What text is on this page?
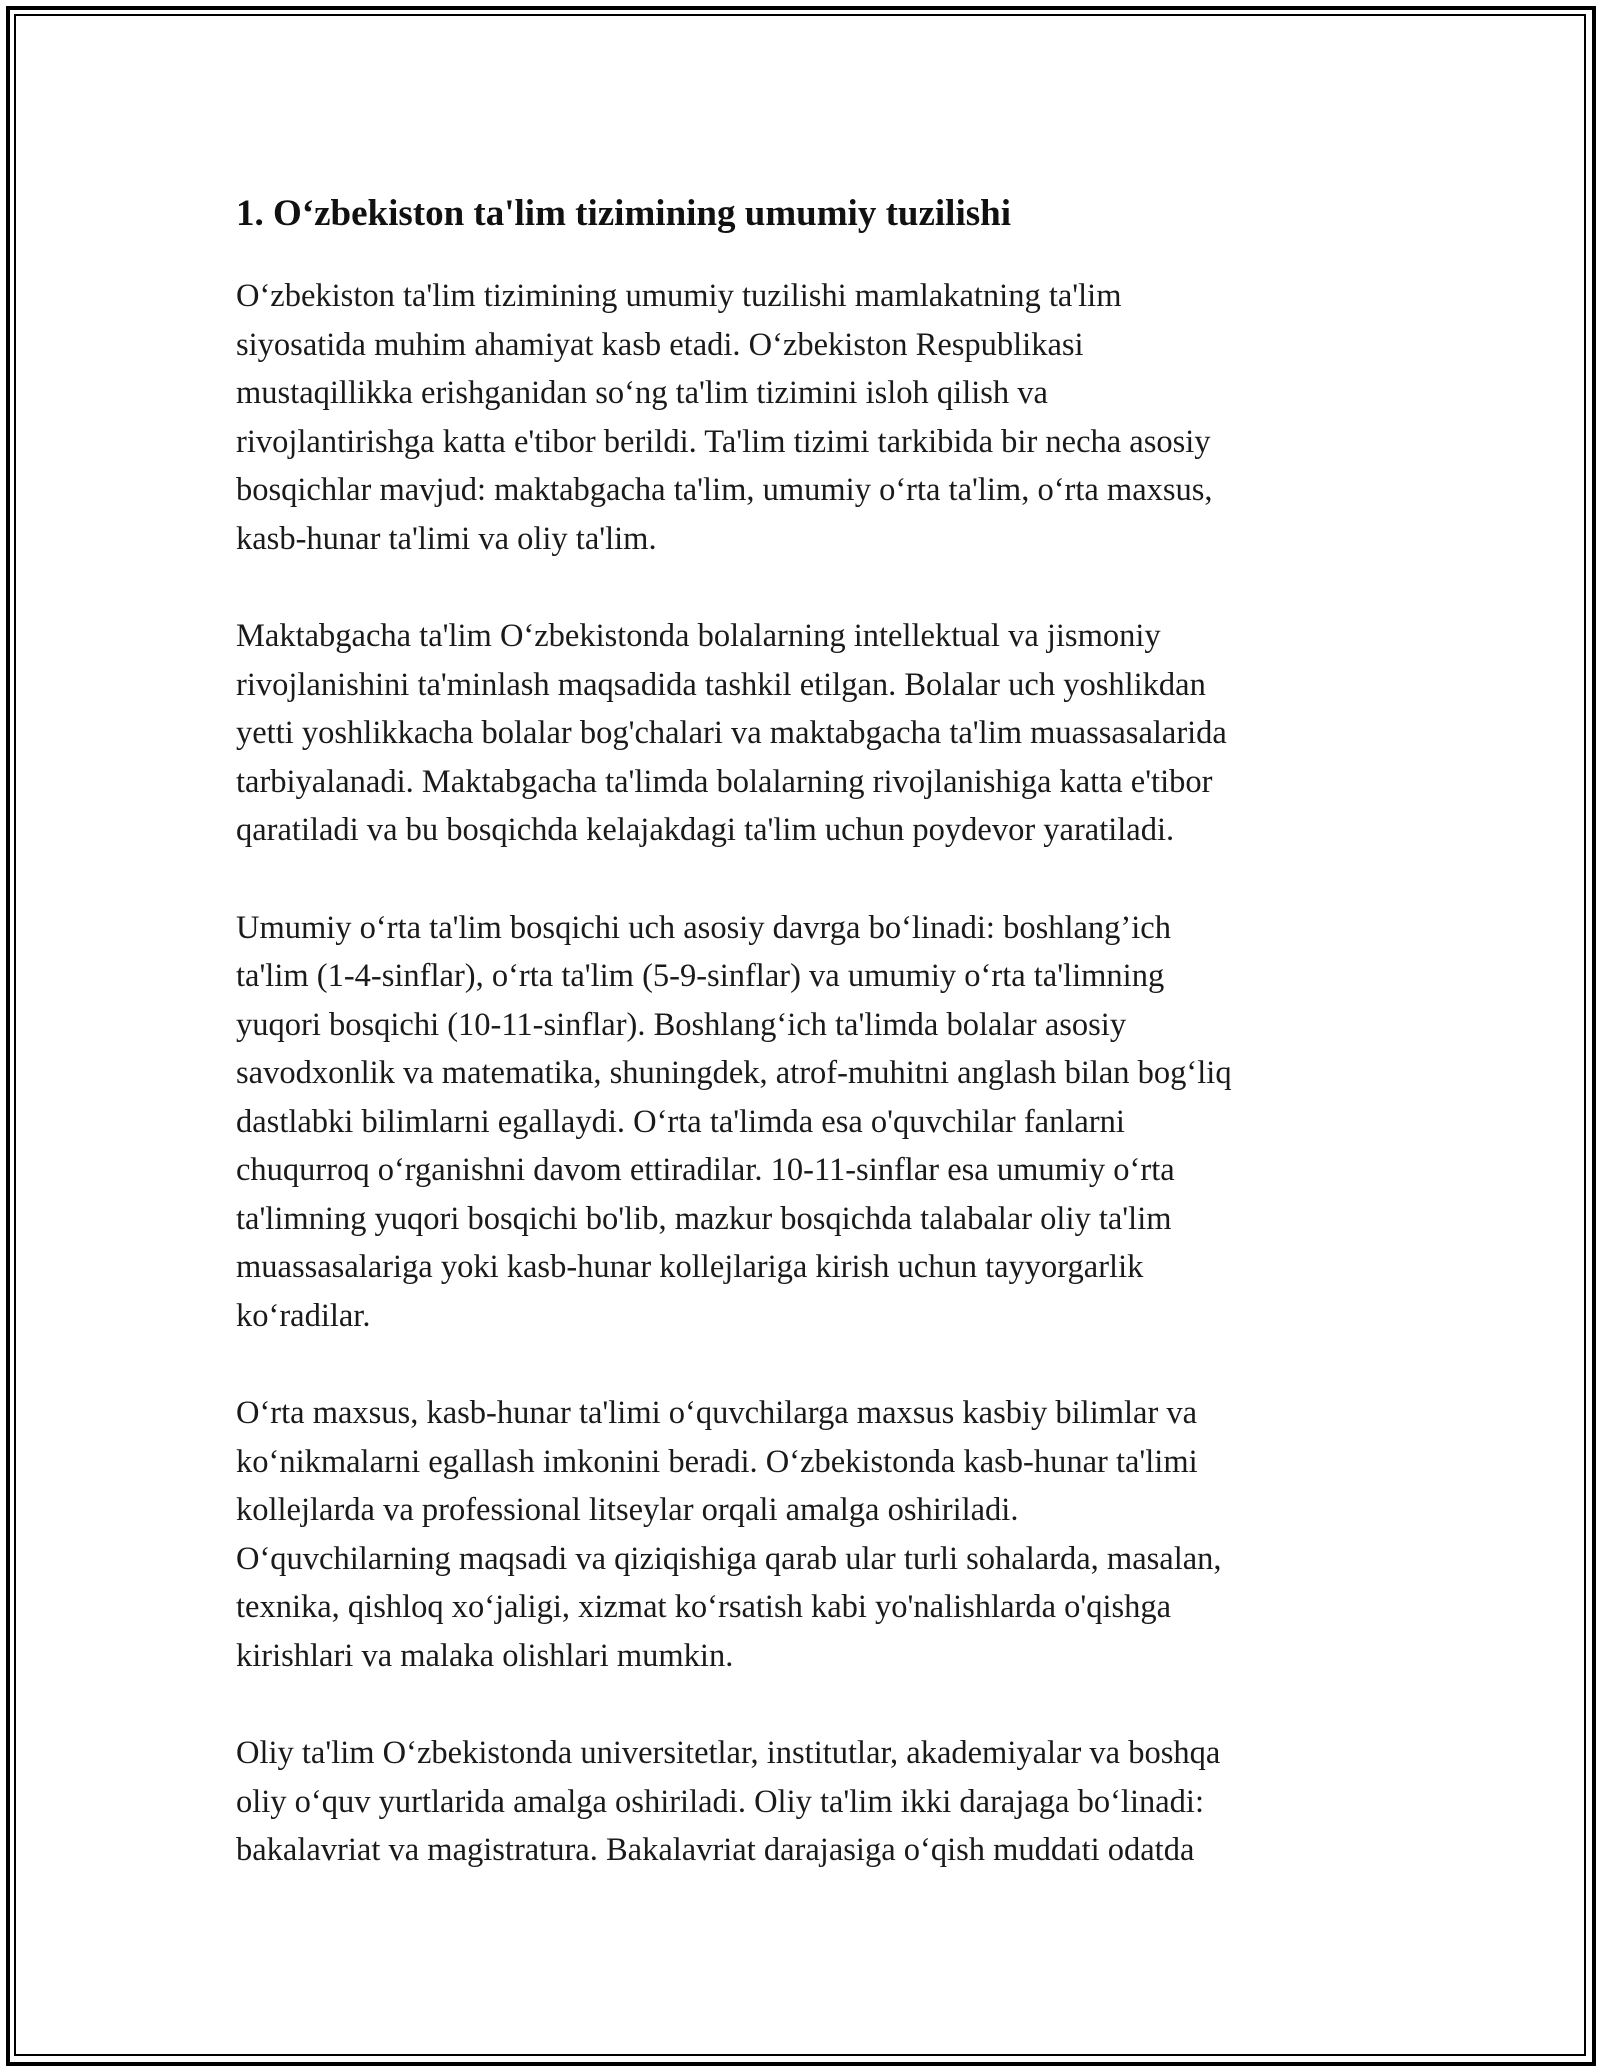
1. O‘zbekiston ta'lim tizimining umumiy tuzilishi

O‘zbekiston ta'lim tizimining umumiy tuzilishi mamlakatning ta'lim
siyosatida muhim ahamiyat kasb etadi. O‘zbekiston Respublikasi
mustaqillikka erishganidan so‘ng ta'lim tizimini isloh qilish va
rivojlantirishga katta e'tibor berildi. Ta'lim tizimi tarkibida bir necha asosiy
bosqichlar mavjud: maktabgacha ta'lim, umumiy o‘rta ta'lim, o‘rta maxsus,
kasb-hunar ta'limi va oliy ta'lim.

Maktabgacha ta'lim O‘zbekistonda bolalarning intellektual va jismoniy
rivojlanishini ta'minlash maqsadida tashkil etilgan. Bolalar uch yoshlikdan
yetti yoshlikkacha bolalar bog'chalari va maktabgacha ta'lim muassasalarida
tarbiyalanadi. Maktabgacha ta'limda bolalarning rivojlanishiga katta e'tibor
qaratiladi va bu bosqichda kelajakdagi ta'lim uchun poydevor yaratiladi.

Umumiy o‘rta ta'lim bosqichi uch asosiy davrga bo‘linadi: boshlang’ich
ta'lim (1-4-sinflar), o‘rta ta'lim (5-9-sinflar) va umumiy o‘rta ta'limning
yuqori bosqichi (10-11-sinflar). Boshlang‘ich ta'limda bolalar asosiy
savodxonlik va matematika, shuningdek, atrof-muhitni anglash bilan bog‘liq
dastlabki bilimlarni egallaydi. O‘rta ta'limda esa o'quvchilar fanlarni
chuqurroq o‘rganishni davom ettiradilar. 10-11-sinflar esa umumiy o‘rta
ta'limning yuqori bosqichi bo'lib, mazkur bosqichda talabalar oliy ta'lim
muassasalariga yoki kasb-hunar kollejlariga kirish uchun tayyorgarlik
ko‘radilar.

O‘rta maxsus, kasb-hunar ta'limi o‘quvchilarga maxsus kasbiy bilimlar va
ko‘nikmalarni egallash imkonini beradi. O‘zbekistonda kasb-hunar ta'limi
kollejlarda va professional litseylar orqali amalga oshiriladi.
O‘quvchilarning maqsadi va qiziqishiga qarab ular turli sohalarda, masalan,
texnika, qishloq xo‘jaligi, xizmat ko‘rsatish kabi yo'nalishlarda o'qishga
kirishlari va malaka olishlari mumkin.

Oliy ta'lim O‘zbekistonda universitetlar, institutlar, akademiyalar va boshqa
oliy o‘quv yurtlarida amalga oshiriladi. Oliy ta'lim ikki darajaga bo‘linadi:
bakalavriat va magistratura. Bakalavriat darajasiga o‘qish muddati odatda
